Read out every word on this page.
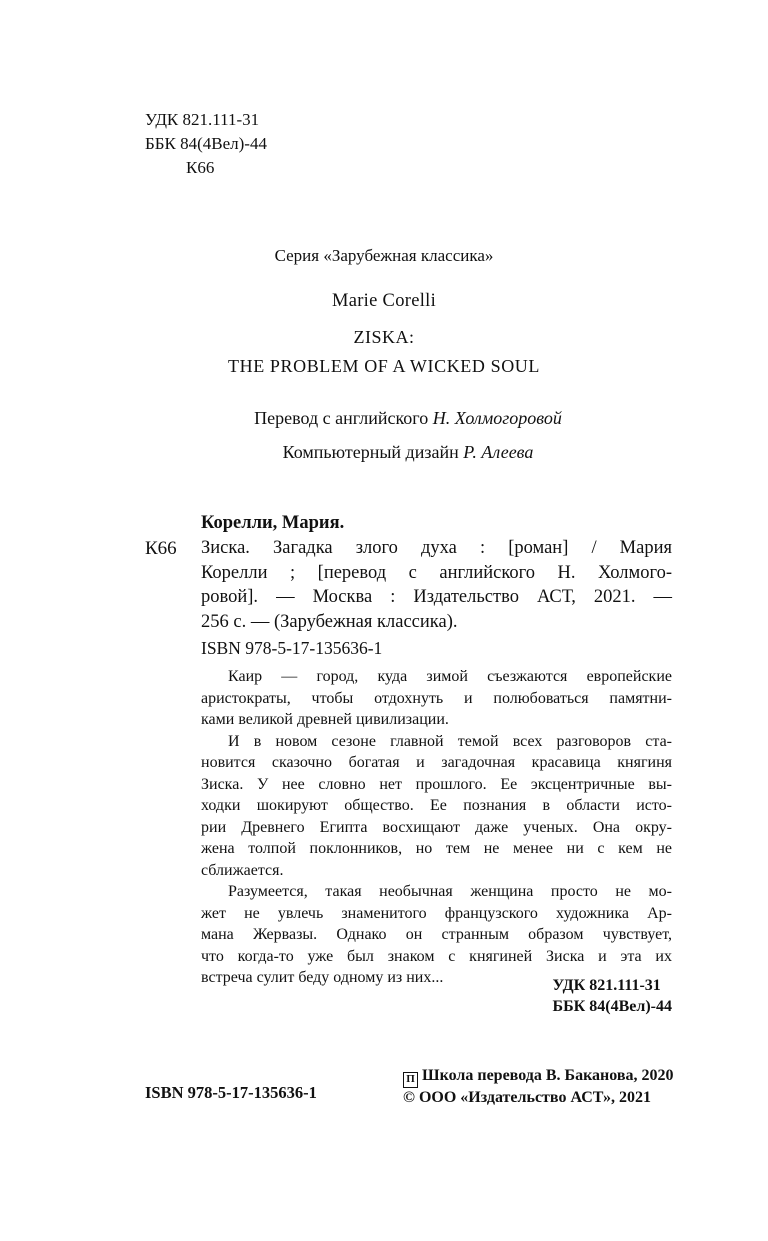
УДК 821.111-31
ББК 84(4Вел)-44
К66
Серия «Зарубежная классика»
Marie Corelli
ZISKA:
THE PROBLEM OF A WICKED SOUL
Перевод с английского Н. Холмогоровой
Компьютерный дизайн Р. Алеева
Корелли, Мария.
К66 Зиска. Загадка злого духа : [роман] / Мария
Корелли ; [перевод с английского Н. Холмого-
ровой]. — Москва : Издательство АСТ, 2021. —
256 с. — (Зарубежная классика).
ISBN 978-5-17-135636-1
Каир — город, куда зимой съезжаются европейские
аристократы, чтобы отдохнуть и полюбоваться памятни-
ками великой древней цивилизации.
И в новом сезоне главной темой всех разговоров ста-
новится сказочно богатая и загадочная красавица княгиня
Зиска. У нее словно нет прошлого. Ее эксцентричные вы-
ходки шокируют общество. Ее познания в области исто-
рии Древнего Египта восхищают даже ученых. Она окру-
жена толпой поклонников, но тем не менее ни с кем не
сближается.
Разумеется, такая необычная женщина просто не мо-
жет не увлечь знаменитого французского художника Ар-
мана Жервазы. Однако он странным образом чувствует,
что когда-то уже был знаком с княгиней Зиска и эта их
встреча сулит беду одному из них...	УДК 821.111-31
ББК 84(4Вел)-44
ISBN 978-5-17-135636-1
П Школа перевода В. Баканова, 2020
© ООО «Издательство АСТ», 2021
